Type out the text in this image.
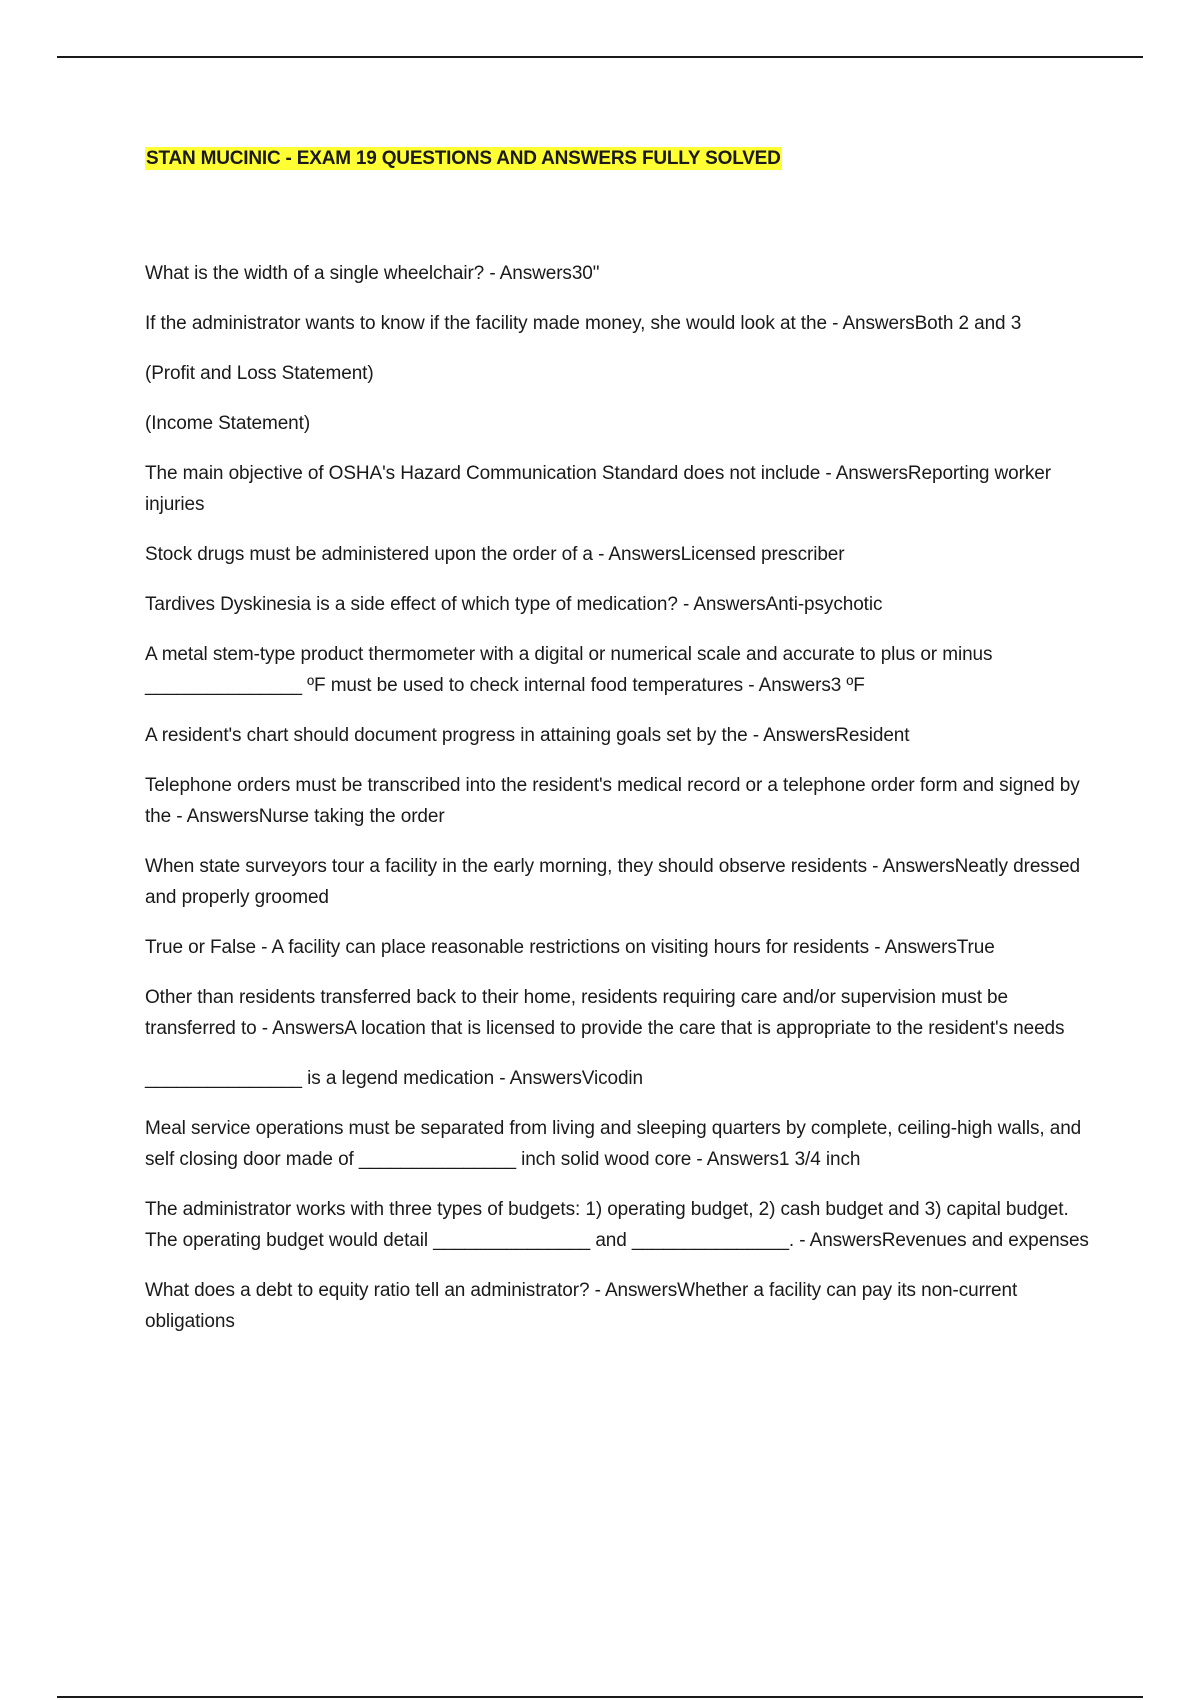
STAN MUCINIC - EXAM 19 QUESTIONS AND ANSWERS FULLY SOLVED

What is the width of a single wheelchair? - Answers30"

If the administrator wants to know if the facility made money, she would look at the - AnswersBoth 2 and 3

(Profit and Loss Statement)

(Income Statement)

The main objective of OSHA's Hazard Communication Standard does not include - AnswersReporting worker injuries

Stock drugs must be administered upon the order of a - AnswersLicensed prescriber

Tardives Dyskinesia is a side effect of which type of medication? - AnswersAnti-psychotic

A metal stem-type product thermometer with a digital or numerical scale and accurate to plus or minus _______________ ºF must be used to check internal food temperatures - Answers3 ºF

A resident's chart should document progress in attaining goals set by the - AnswersResident

Telephone orders must be transcribed into the resident's medical record or a telephone order form and signed by the - AnswersNurse taking the order

When state surveyors tour a facility in the early morning, they should observe residents - AnswersNeatly dressed and properly groomed

True or False - A facility can place reasonable restrictions on visiting hours for residents - AnswersTrue

Other than residents transferred back to their home, residents requiring care and/or supervision must be transferred to - AnswersA location that is licensed to provide the care that is appropriate to the resident's needs

_______________ is a legend medication - AnswersVicodin

Meal service operations must be separated from living and sleeping quarters by complete, ceiling-high walls, and self closing door made of _______________ inch solid wood core - Answers1 3/4 inch

The administrator works with three types of budgets: 1) operating budget, 2) cash budget and 3) capital budget. The operating budget would detail _______________ and _______________. - AnswersRevenues and expenses

What does a debt to equity ratio tell an administrator? - AnswersWhether a facility can pay its non-current obligations
